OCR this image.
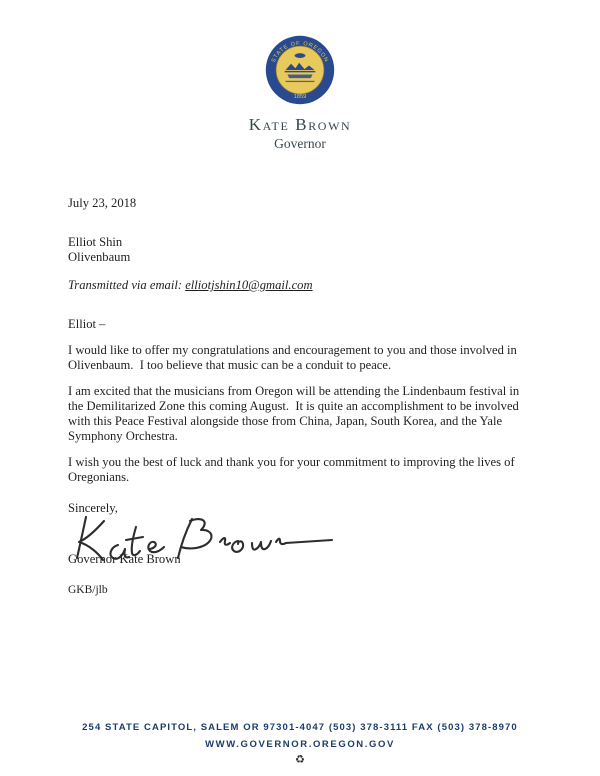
STATE OF OREGON
1859
Kate Brown
Governor
July 23, 2018
Elliot Shin
Olivenbaum
Transmitted via email: elliotjshin10@gmail.com
Elliot –

I would like to offer my congratulations and encouragement to you and those involved in Olivenbaum.  I too believe that music can be a conduit to peace.

I am excited that the musicians from Oregon will be attending the Lindenbaum festival in the Demilitarized Zone this coming August.  It is quite an accomplishment to be involved with this Peace Festival alongside those from China, Japan, South Korea, and the Yale Symphony Orchestra.

I wish you the best of luck and thank you for your commitment to improving the lives of Oregonians.

Sincerely,
Governor Kate Brown
GKB/jlb
254 STATE CAPITOL, SALEM OR 97301-4047 (503) 378-3111 FAX (503) 378-8970
WWW.GOVERNOR.OREGON.GOV
♻
